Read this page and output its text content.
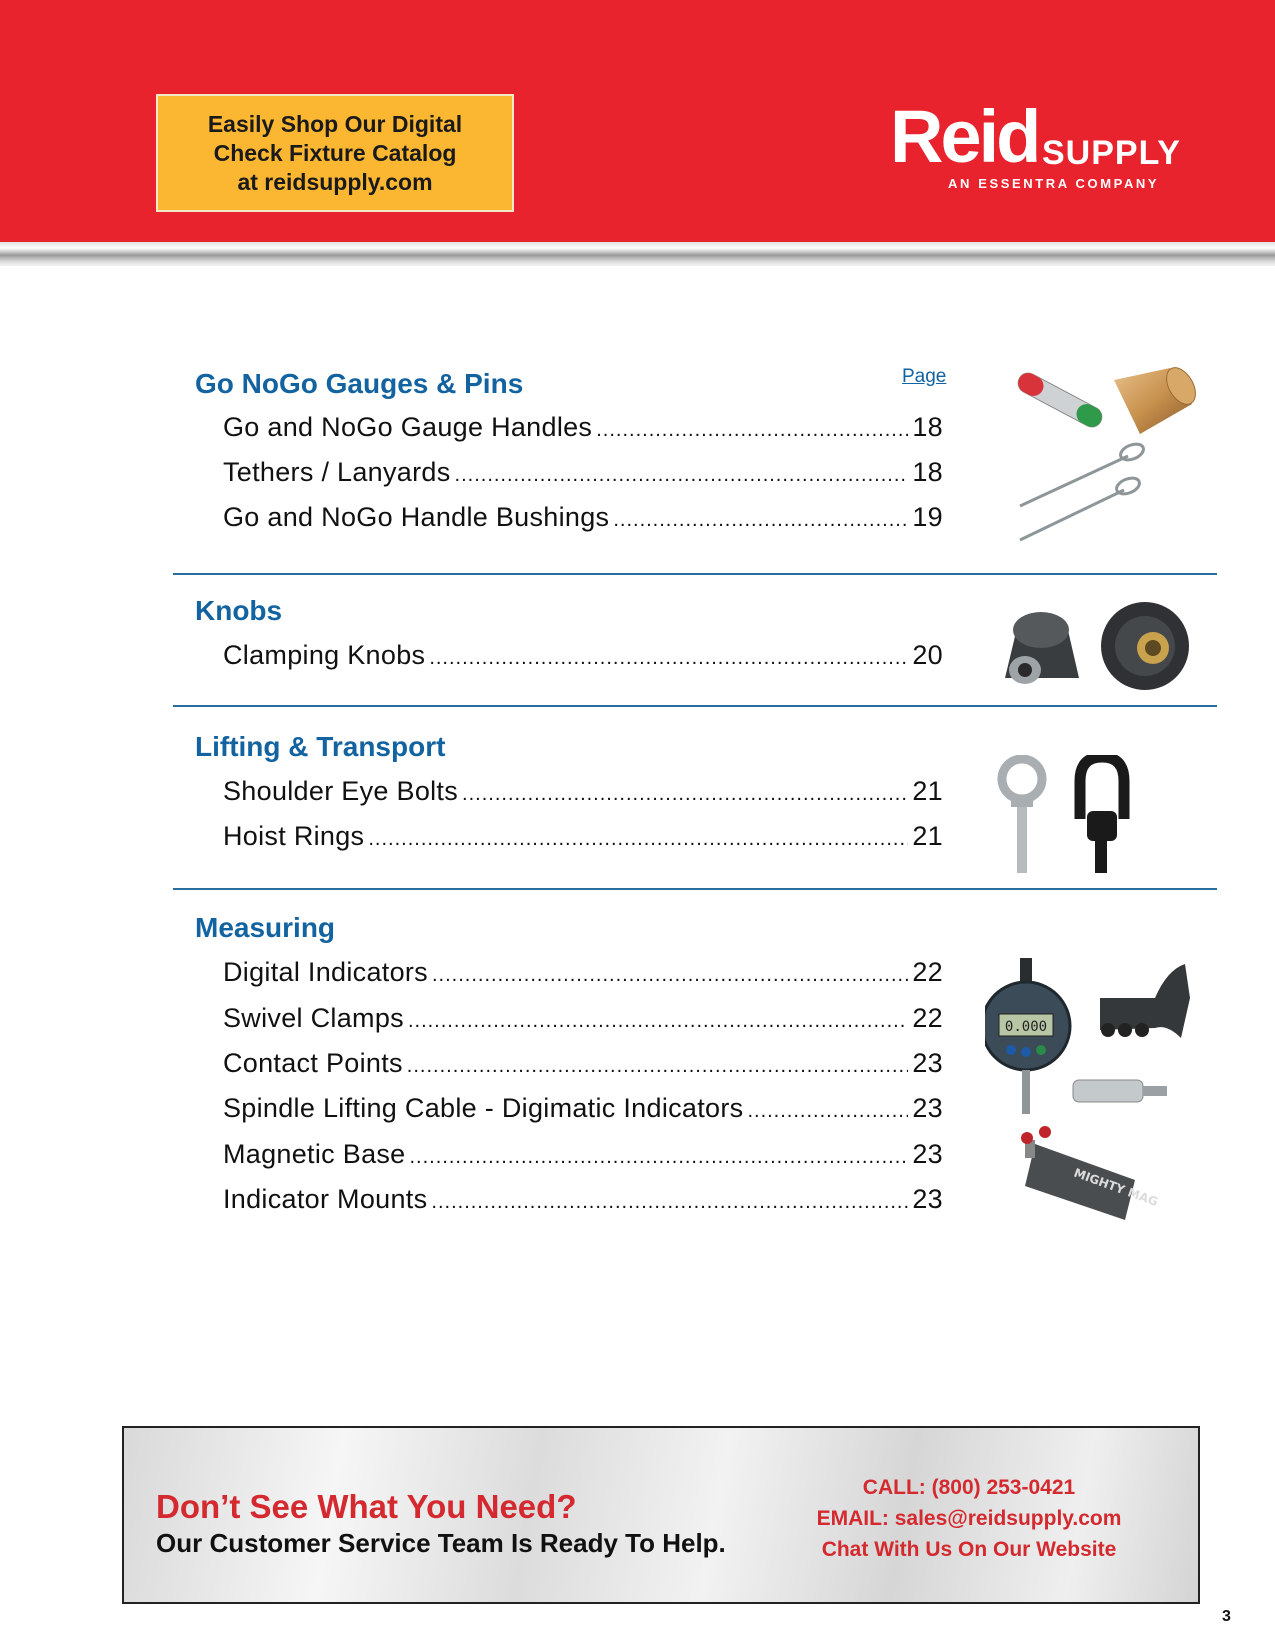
Easily Shop Our Digital
Check Fixture Catalog
at reidsupply.com
Reid SUPPLY
AN ESSENTRA COMPANY
Page
Go NoGo Gauges & Pins
Go and NoGo Gauge Handles .....	18
Tethers / Lanyards .....	18
Go and NoGo Handle Bushings .....	19
Knobs
Clamping Knobs .....	20
Lifting & Transport
Shoulder Eye Bolts .....	21
Hoist Rings .....	21
Measuring
Digital Indicators .....	22
Swivel Clamps .....	22
Contact Points .....	23
Spindle Lifting Cable - Digimatic Indicators .....	23
Magnetic Base .....	23
Indicator Mounts .....	23
0.000
MIGHTY MAG
Don’t See What You Need?
Our Customer Service Team Is Ready To Help.
CALL: (800) 253-0421
EMAIL: sales@reidsupply.com
Chat With Us On Our Website
3
